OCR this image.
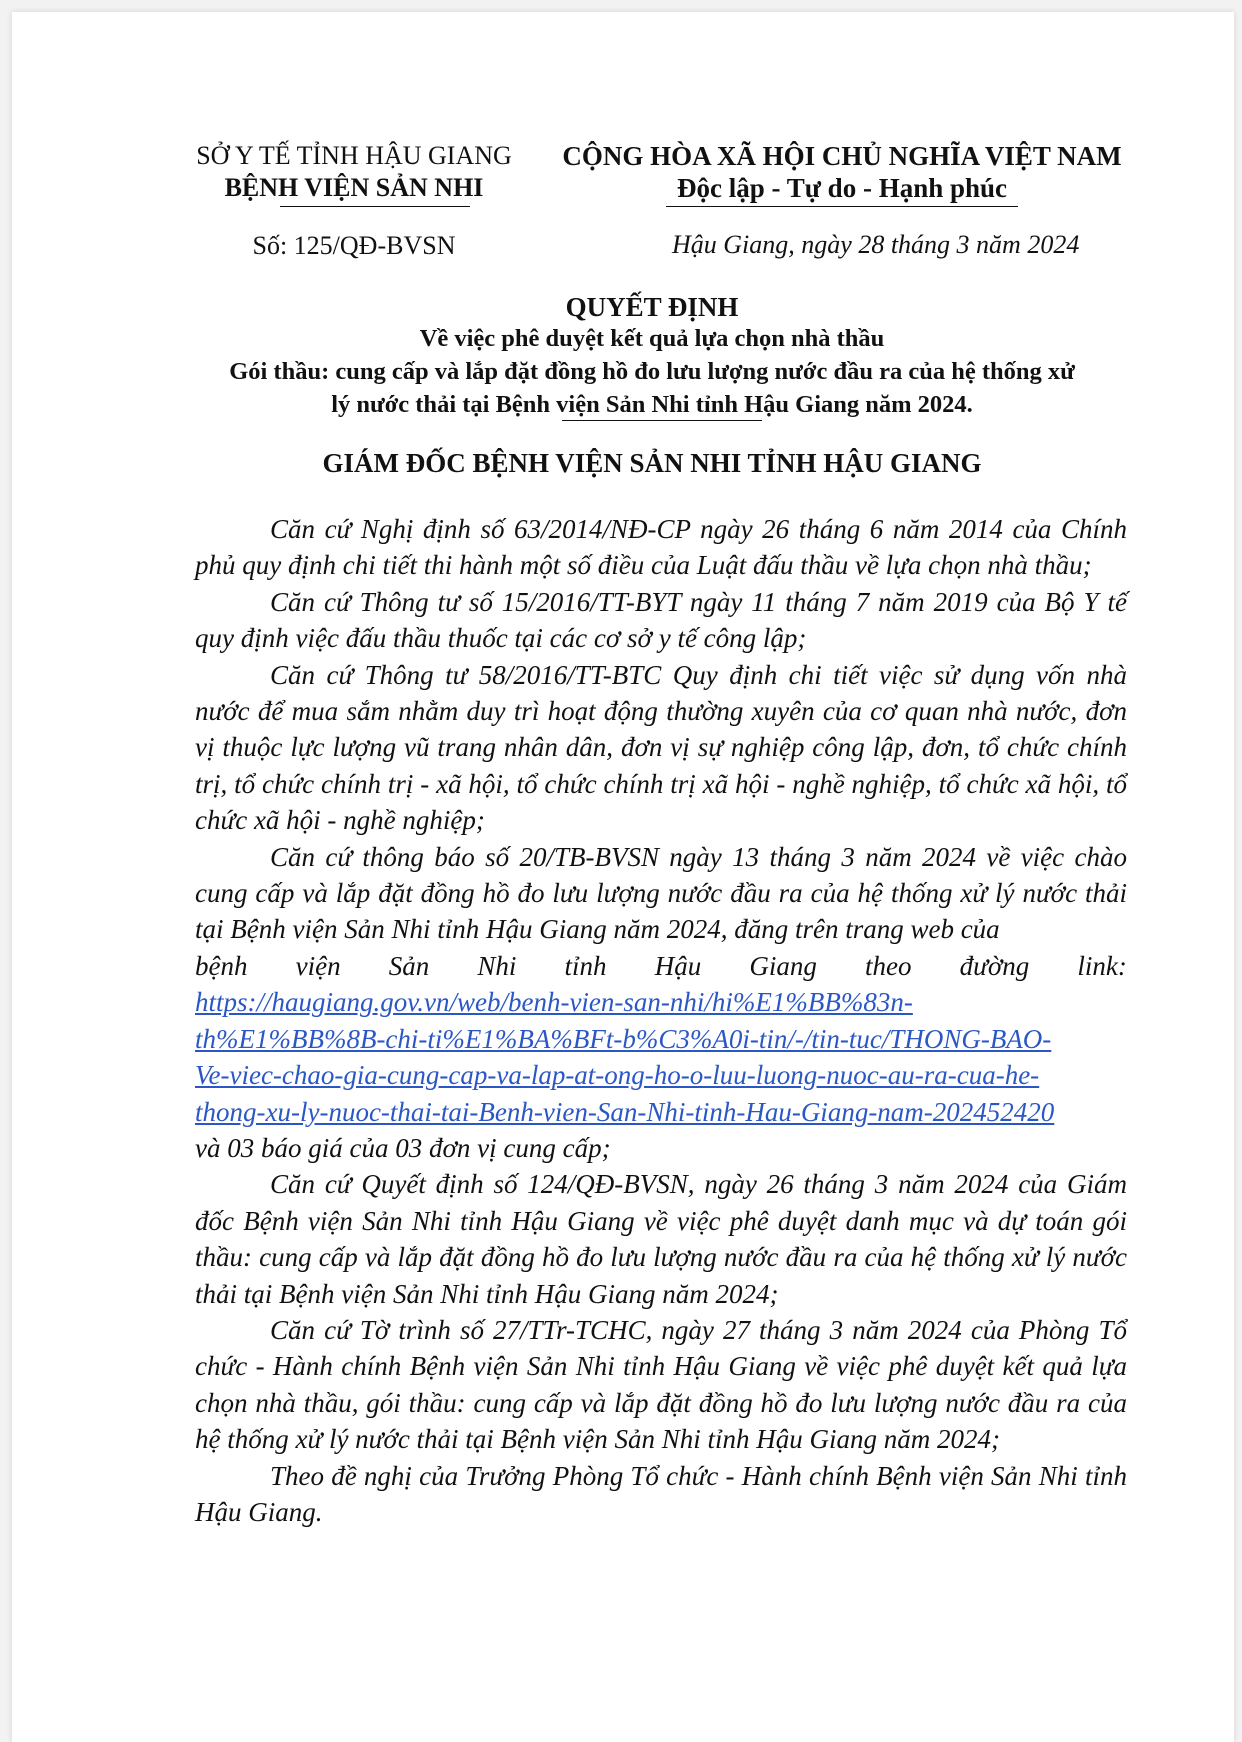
SỞ Y TẾ TỈNH HẬU GIANG
BỆNH VIỆN SẢN NHI
Số: 125/QĐ-BVSN
CỘNG HÒA XÃ HỘI CHỦ NGHĨA VIỆT NAM
Độc lập - Tự do - Hạnh phúc
Hậu Giang, ngày 28 tháng 3 năm 2024
QUYẾT ĐỊNH
Về việc phê duyệt kết quả lựa chọn nhà thầu
Gói thầu: cung cấp và lắp đặt đồng hồ đo lưu lượng nước đầu ra của hệ thống xử
lý nước thải tại Bệnh viện Sản Nhi tỉnh Hậu Giang năm 2024.
GIÁM ĐỐC BỆNH VIỆN SẢN NHI TỈNH HẬU GIANG

Căn cứ Nghị định số 63/2014/NĐ-CP ngày 26 tháng 6 năm 2014 của Chính phủ quy định chi tiết thi hành một số điều của Luật đấu thầu về lựa chọn nhà thầu;

Căn cứ Thông tư số 15/2016/TT-BYT ngày 11 tháng 7 năm 2019 của Bộ Y tế quy định việc đấu thầu thuốc tại các cơ sở y tế công lập;

Căn cứ Thông tư 58/2016/TT-BTC Quy định chi tiết việc sử dụng vốn nhà nước để mua sắm nhằm duy trì hoạt động thường xuyên của cơ quan nhà nước, đơn vị thuộc lực lượng vũ trang nhân dân, đơn vị sự nghiệp công lập, đơn, tổ chức chính trị, tổ chức chính trị - xã hội, tổ chức chính trị xã hội - nghề nghiệp, tổ chức xã hội, tổ chức xã hội - nghề nghiệp;

Căn cứ thông báo số 20/TB-BVSN ngày 13 tháng 3 năm 2024 về việc chào cung cấp và lắp đặt đồng hồ đo lưu lượng nước đầu ra của hệ thống xử lý nước thải tại Bệnh viện Sản Nhi tỉnh Hậu Giang năm 2024, đăng trên trang web của

bệnh viện Sản Nhi tỉnh Hậu Giang theo đường link:
https://haugiang.gov.vn/web/benh-vien-san-nhi/hi%E1%BB%83n-
th%E1%BB%8B-chi-ti%E1%BA%BFt-b%C3%A0i-tin/-/tin-tuc/THONG-BAO-
Ve-viec-chao-gia-cung-cap-va-lap-at-ong-ho-o-luu-luong-nuoc-au-ra-cua-he-
thong-xu-ly-nuoc-thai-tai-Benh-vien-San-Nhi-tinh-Hau-Giang-nam-202452420
và 03 báo giá của 03 đơn vị cung cấp;

Căn cứ Quyết định số 124/QĐ-BVSN, ngày 26 tháng 3 năm 2024 của Giám đốc Bệnh viện Sản Nhi tỉnh Hậu Giang về việc phê duyệt danh mục và dự toán gói thầu: cung cấp và lắp đặt đồng hồ đo lưu lượng nước đầu ra của hệ thống xử lý nước thải tại Bệnh viện Sản Nhi tỉnh Hậu Giang năm 2024;

Căn cứ Tờ trình số 27/TTr-TCHC, ngày 27 tháng 3 năm 2024 của Phòng Tổ chức - Hành chính Bệnh viện Sản Nhi tỉnh Hậu Giang về việc phê duyệt kết quả lựa chọn nhà thầu, gói thầu: cung cấp và lắp đặt đồng hồ đo lưu lượng nước đầu ra của hệ thống xử lý nước thải tại Bệnh viện Sản Nhi tỉnh Hậu Giang năm 2024;

Theo đề nghị của Trưởng Phòng Tổ chức - Hành chính Bệnh viện Sản Nhi tỉnh Hậu Giang.
